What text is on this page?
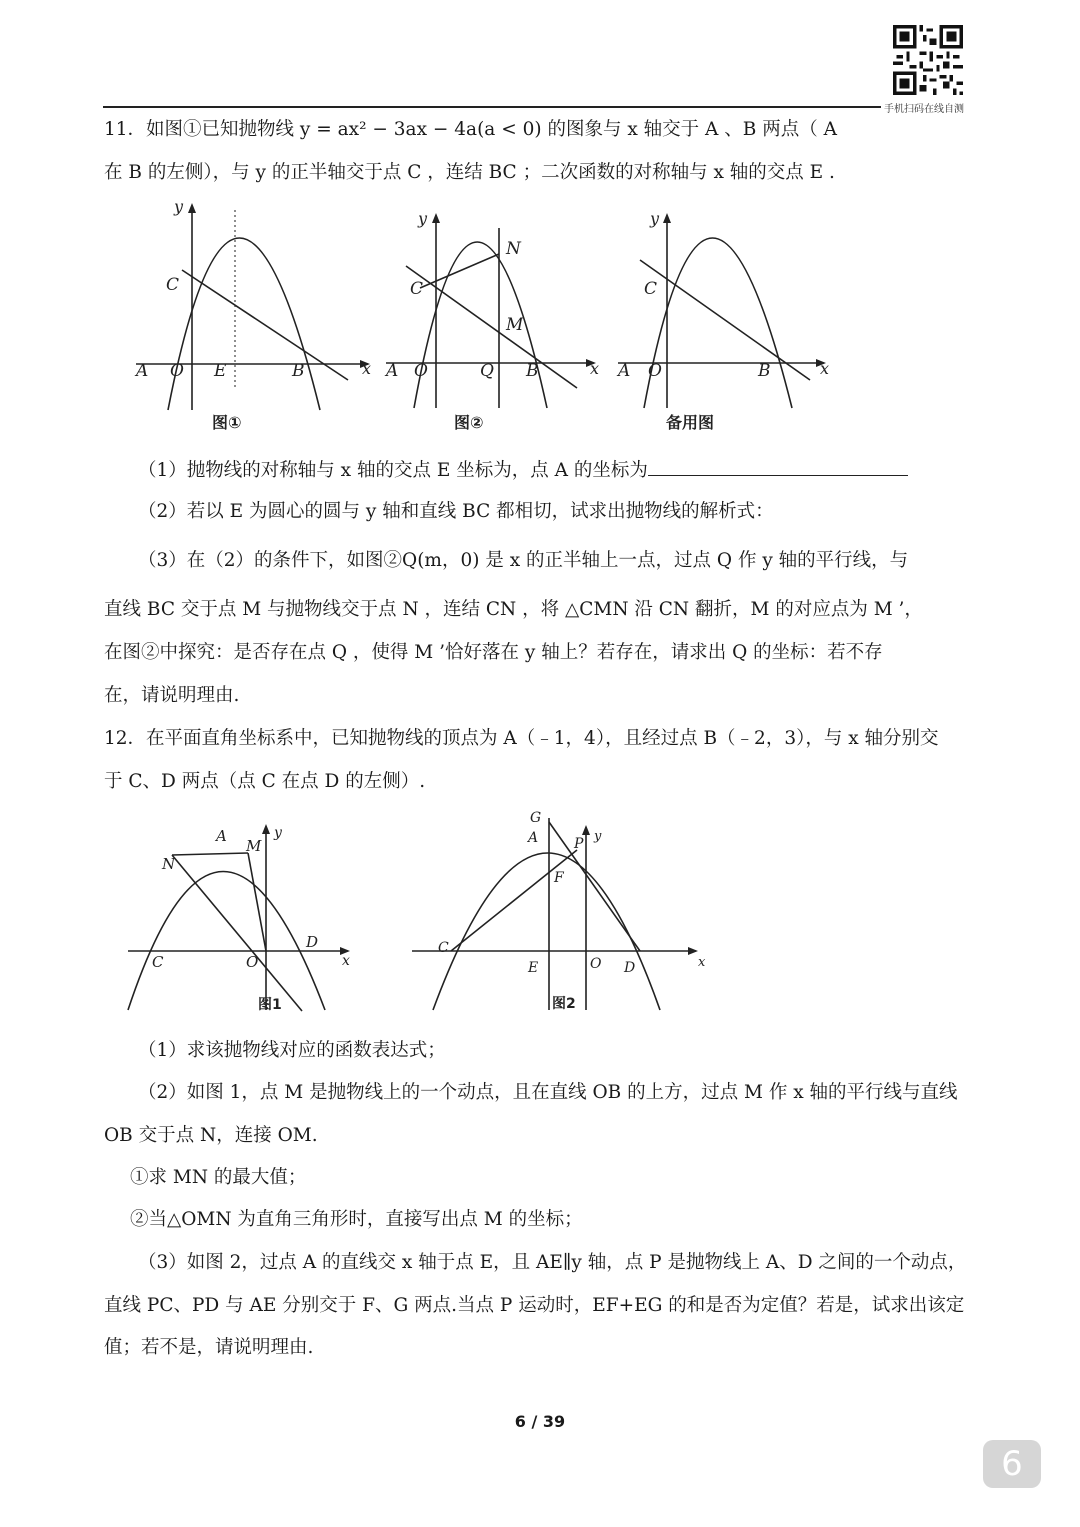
手机扫码在线自测
11．如图①已知抛物线 y = ax² − 3ax − 4a(a < 0) 的图象与 x 轴交于 A 、B 两点（ A
在 B 的左侧），与 y 的正半轴交于点 C ，连结 BC ；二次函数的对称轴与 x 轴的交点 E .
y
x
A O E	B
C
图①
y
x
A O	Q B
C
N
M
图②
y
x
A O	B
C
备用图
（1）抛物线的对称轴与 x 轴的交点 E 坐标为，点 A 的坐标为
（2）若以 E 为圆心的圆与 y 轴和直线 BC 都相切，试求出抛物线的解析式：
（3）在（2）的条件下，如图②Q(m，0) 是 x 的正半轴上一点，过点 Q 作 y 轴的平行线，与
直线 BC 交于点 M 与抛物线交于点 N ，连结 CN ，将 △CMN 沿 CN 翻折，M 的对应点为 M ’，
在图②中探究：是否存在点 Q ，使得 M ’恰好落在 y 轴上？若存在，请求出 Q 的坐标：若不存
在，请说明理由.
12．在平面直角坐标系中，已知抛物线的顶点为 A（﹣1，4），且经过点 B（﹣2，3），与 x 轴分别交
于 C、D 两点（点 C 在点 D 的左侧）.
A
M
N
y
D
C	O	x
图1
G
A	P y
F
C
E	O D	x
图2
（1）求该抛物线对应的函数表达式；
（2）如图 1，点 M 是抛物线上的一个动点，且在直线 OB 的上方，过点 M 作 x 轴的平行线与直线
OB 交于点 N，连接 OM.
①求 MN 的最大值；
②当△OMN 为直角三角形时，直接写出点 M 的坐标；
（3）如图 2，过点 A 的直线交 x 轴于点 E，且 AE∥y 轴，点 P 是抛物线上 A、D 之间的一个动点，
直线 PC、PD 与 AE 分别交于 F、G 两点.当点 P 运动时，EF+EG 的和是否为定值？若是，试求出该定
值；若不是，请说明理由.
6 / 39
6
